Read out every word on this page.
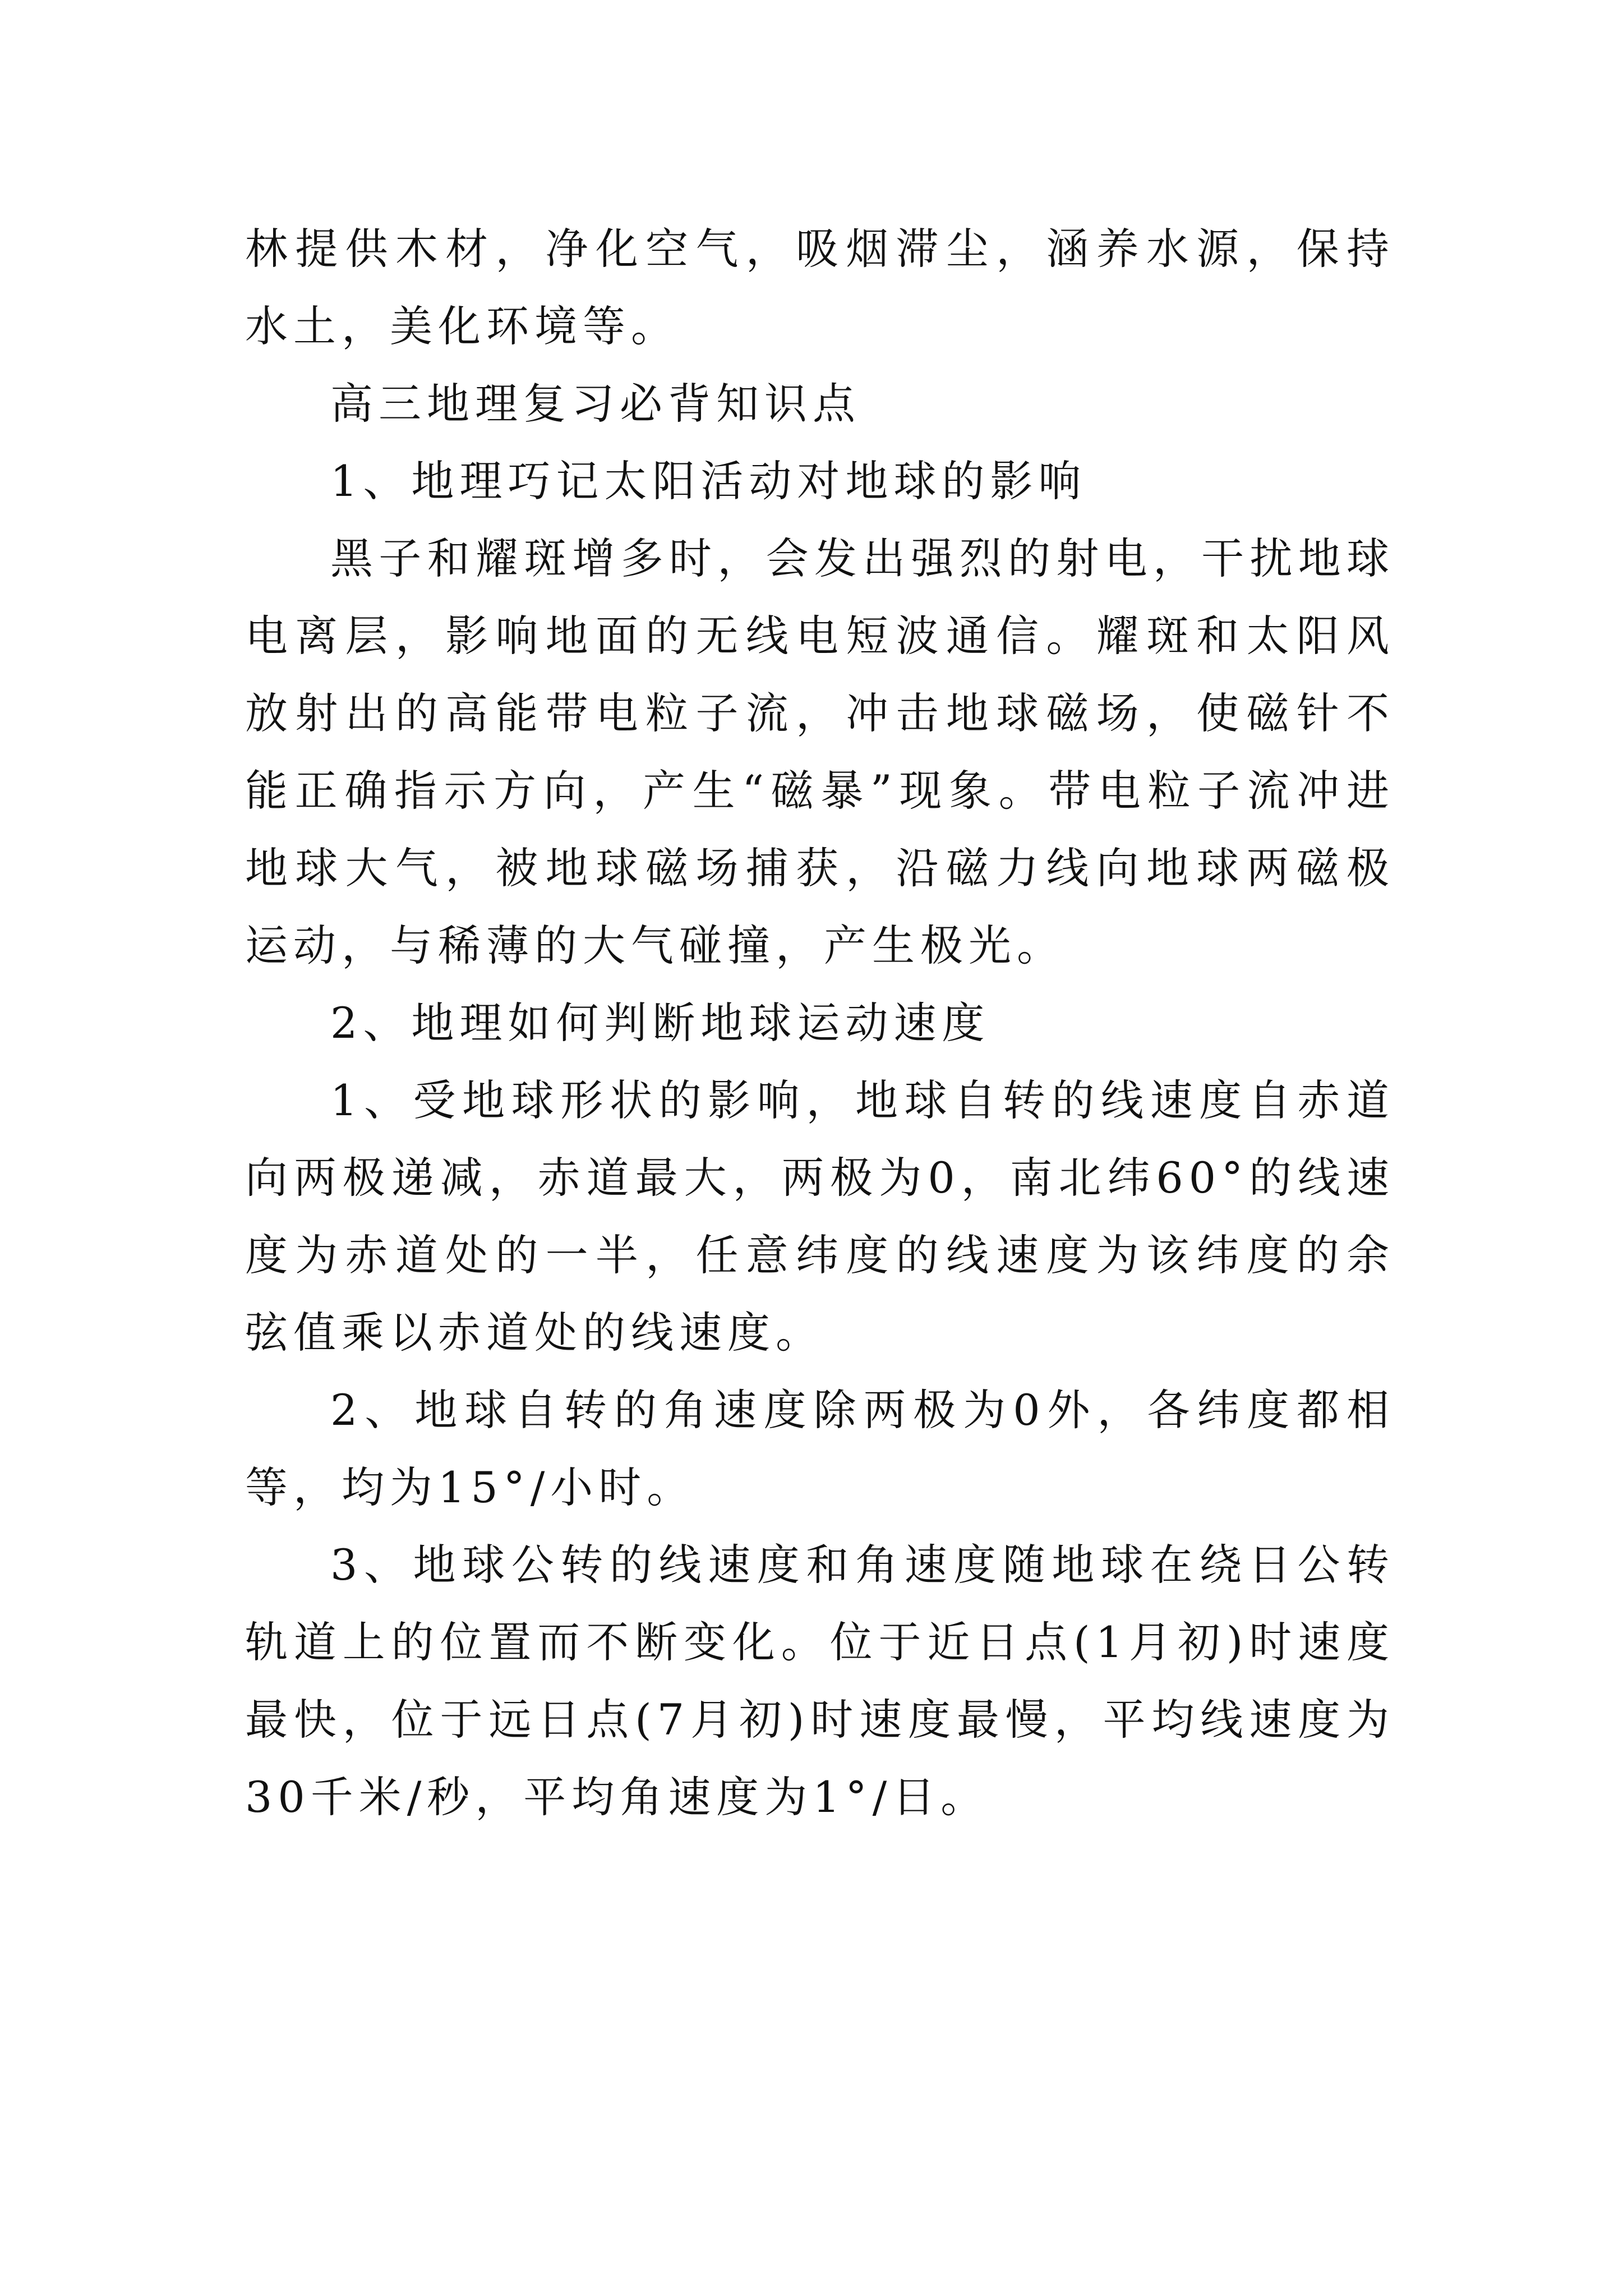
林提供木材，净化空气，吸烟滞尘，涵养水源，保持水土，美化环境等。

高三地理复习必背知识点

1、地理巧记太阳活动对地球的影响

黑子和耀斑增多时，会发出强烈的射电，干扰地球电离层，影响地面的无线电短波通信。耀斑和太阳风放射出的高能带电粒子流，冲击地球磁场，使磁针不能正确指示方向，产生“磁暴”现象。带电粒子流冲进地球大气，被地球磁场捕获，沿磁力线向地球两磁极运动，与稀薄的大气碰撞，产生极光。

2、地理如何判断地球运动速度

1、受地球形状的影响，地球自转的线速度自赤道向两极递减，赤道最大，两极为0，南北纬60°的线速度为赤道处的一半，任意纬度的线速度为该纬度的余弦值乘以赤道处的线速度。

2、地球自转的角速度除两极为0外，各纬度都相等，均为15°/小时。

3、地球公转的线速度和角速度随地球在绕日公转轨道上的位置而不断变化。位于近日点(1月初)时速度最快，位于远日点(7月初)时速度最慢，平均线速度为30千米/秒，平均角速度为1°/日。
